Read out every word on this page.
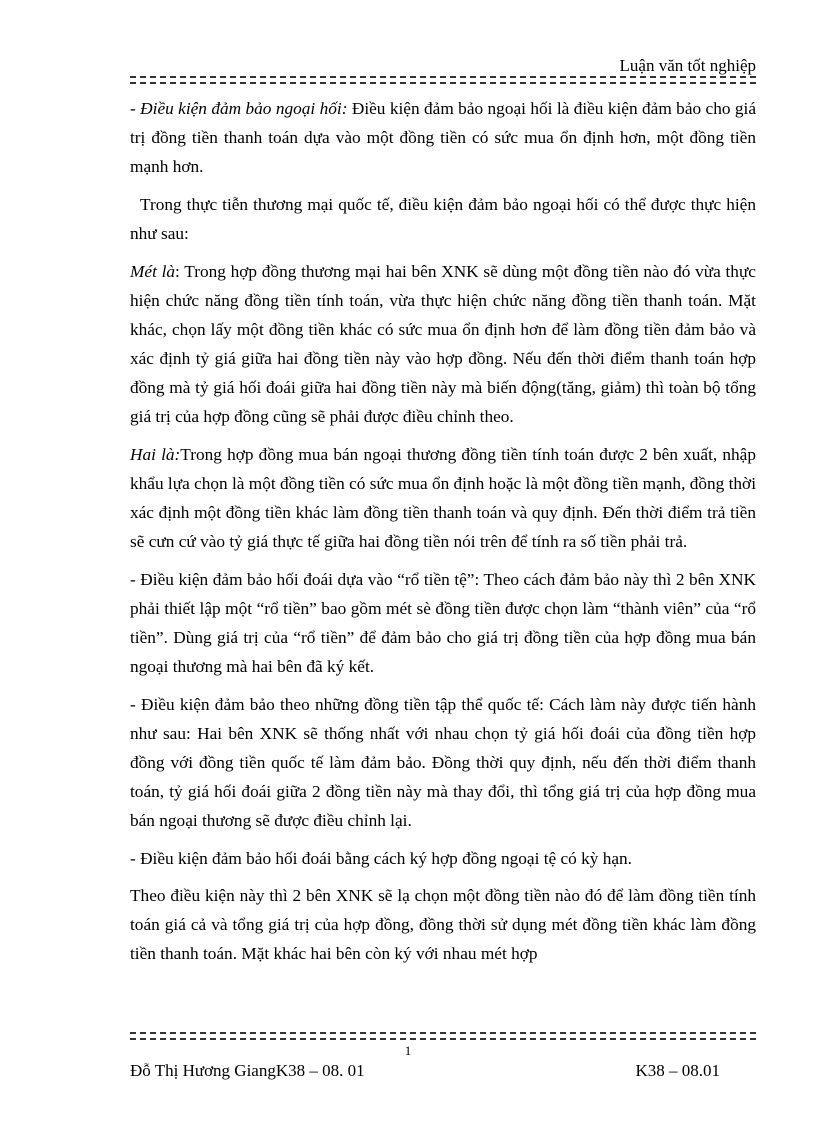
Luận văn tốt nghiệp

- Điều kiện đảm bảo ngoại hối: Điều kiện đảm bảo ngoại hối là điều kiện đảm bảo cho giá trị đồng tiền thanh toán dựa vào một đồng tiền có sức mua ổn định hơn, một đồng tiền mạnh hơn.

Trong thực tiễn thương mại quốc tế, điều kiện đảm bảo ngoại hối có thể được thực hiện như sau:

Mét là: Trong hợp đồng thương mại hai bên XNK sẽ dùng một đồng tiền nào đó vừa thực hiện chức năng đồng tiền tính toán, vừa thực hiện chức năng đồng tiền thanh toán. Mặt khác, chọn lấy một đồng tiền khác có sức mua ổn định hơn để làm đồng tiền đảm bảo và xác định tỷ giá giữa hai đồng tiền này vào hợp đồng. Nếu đến thời điểm thanh toán hợp đồng mà tỷ giá hối đoái giữa hai đồng tiền này mà biến động(tăng, giảm) thì toàn bộ tổng giá trị của hợp đồng cũng sẽ phải được điều chỉnh theo.

Hai là:Trong hợp đồng mua bán ngoại thương đồng tiền tính toán được 2 bên xuất, nhập khẩu lựa chọn là một đồng tiền có sức mua ổn định hoặc là một đồng tiền mạnh, đồng thời xác định một đồng tiền khác làm đồng tiền thanh toán và quy định. Đến thời điểm trả tiền sẽ cưn cứ vào tỷ giá thực tế giữa hai đồng tiền nói trên để tính ra số tiền phải trả.

- Điều kiện đảm bảo hối đoái dựa vào “rổ tiền tệ”: Theo cách đảm bảo này thì 2 bên XNK phải thiết lập một “rổ tiền” bao gồm mét sè đồng tiền được chọn làm “thành viên” của “rổ tiền”. Dùng giá trị của “rổ tiền” để đảm bảo cho giá trị đồng tiền của hợp đồng mua bán ngoại thương mà hai bên đã ký kết.

- Điều kiện đảm bảo theo những đồng tiền tập thể quốc tế: Cách làm này được tiến hành như sau: Hai bên XNK sẽ thống nhất với nhau chọn tỷ giá hối đoái của đồng tiền hợp đồng với đồng tiền quốc tế làm đảm bảo. Đồng thời quy định, nếu đến thời điểm thanh toán, tỷ giá hối đoái giữa 2 đồng tiền này mà thay đổi, thì tổng giá trị của hợp đồng mua bán ngoại thương sẽ được điều chỉnh lại.

- Điều kiện đảm bảo hối đoái bằng cách ký hợp đồng ngoại tệ có kỳ hạn.

Theo điều kiện này thì 2 bên XNK sẽ lạ chọn một đồng tiền nào đó để làm đồng tiền tính toán giá cả và tổng giá trị của hợp đồng, đồng thời sử dụng mét đồng tiền khác làm đồng tiền thanh toán. Mặt khác hai bên còn ký với nhau mét hợp

1
Đỗ Thị Hương GiangK38 – 08. 01	K38 – 08.01
